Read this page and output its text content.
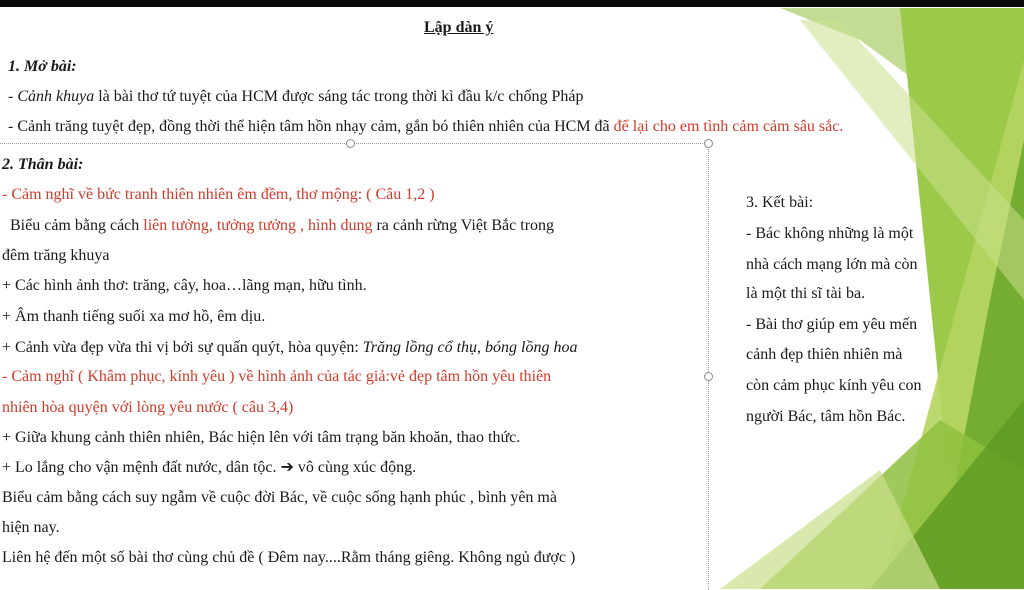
Lập dàn ý
1. Mở bài:
- Cảnh khuya là bài thơ tứ tuyệt của HCM được sáng tác trong thời kì đầu k/c chống Pháp
- Cảnh trăng tuyệt đẹp, đồng thời thể hiện tâm hồn nhạy cảm, gắn bó thiên nhiên của HCM đã để lại cho em tình cảm cảm sâu sắc.
2. Thân bài:
- Cảm nghĩ về bức tranh thiên nhiên êm đềm, thơ mộng: ( Câu 1,2 )
Biểu cảm bằng cách liên tưởng, tưởng tưởng , hình dung ra cảnh rừng Việt Bắc trong
đêm trăng khuya
+ Các hình ảnh thơ: trăng, cây, hoa…lãng mạn, hữu tình.
+ Âm thanh tiếng suối xa mơ hồ, êm dịu.
+ Cảnh vừa đẹp vừa thi vị bởi sự quấn quýt, hòa quyện: Trăng lồng cổ thụ, bóng lồng hoa
- Cảm nghĩ ( Khâm phục, kính yêu ) về hình ảnh của tác giả:vẻ đẹp tâm hồn yêu thiên
nhiên hòa quyện với lòng yêu nước ( câu 3,4)
+ Giữa khung cảnh thiên nhiên, Bác hiện lên với tâm trạng băn khoăn, thao thức.
+ Lo lắng cho vận mệnh đất nước, dân tộc. ➔ vô cùng xúc động.
Biểu cảm bằng cách suy ngẫm về cuộc đời Bác, về cuộc sống hạnh phúc , bình yên mà
hiện nay.
Liên hệ đến một số bài thơ cùng chủ đề ( Đêm nay....Rằm tháng giêng. Không ngủ được )
3. Kết bài:
- Bác không những là một
nhà cách mạng lớn mà còn
là một thi sĩ tài ba.
- Bài thơ giúp em yêu mến
cảnh đẹp thiên nhiên mà
còn cảm phục kính yêu con
người Bác, tâm hồn Bác.
